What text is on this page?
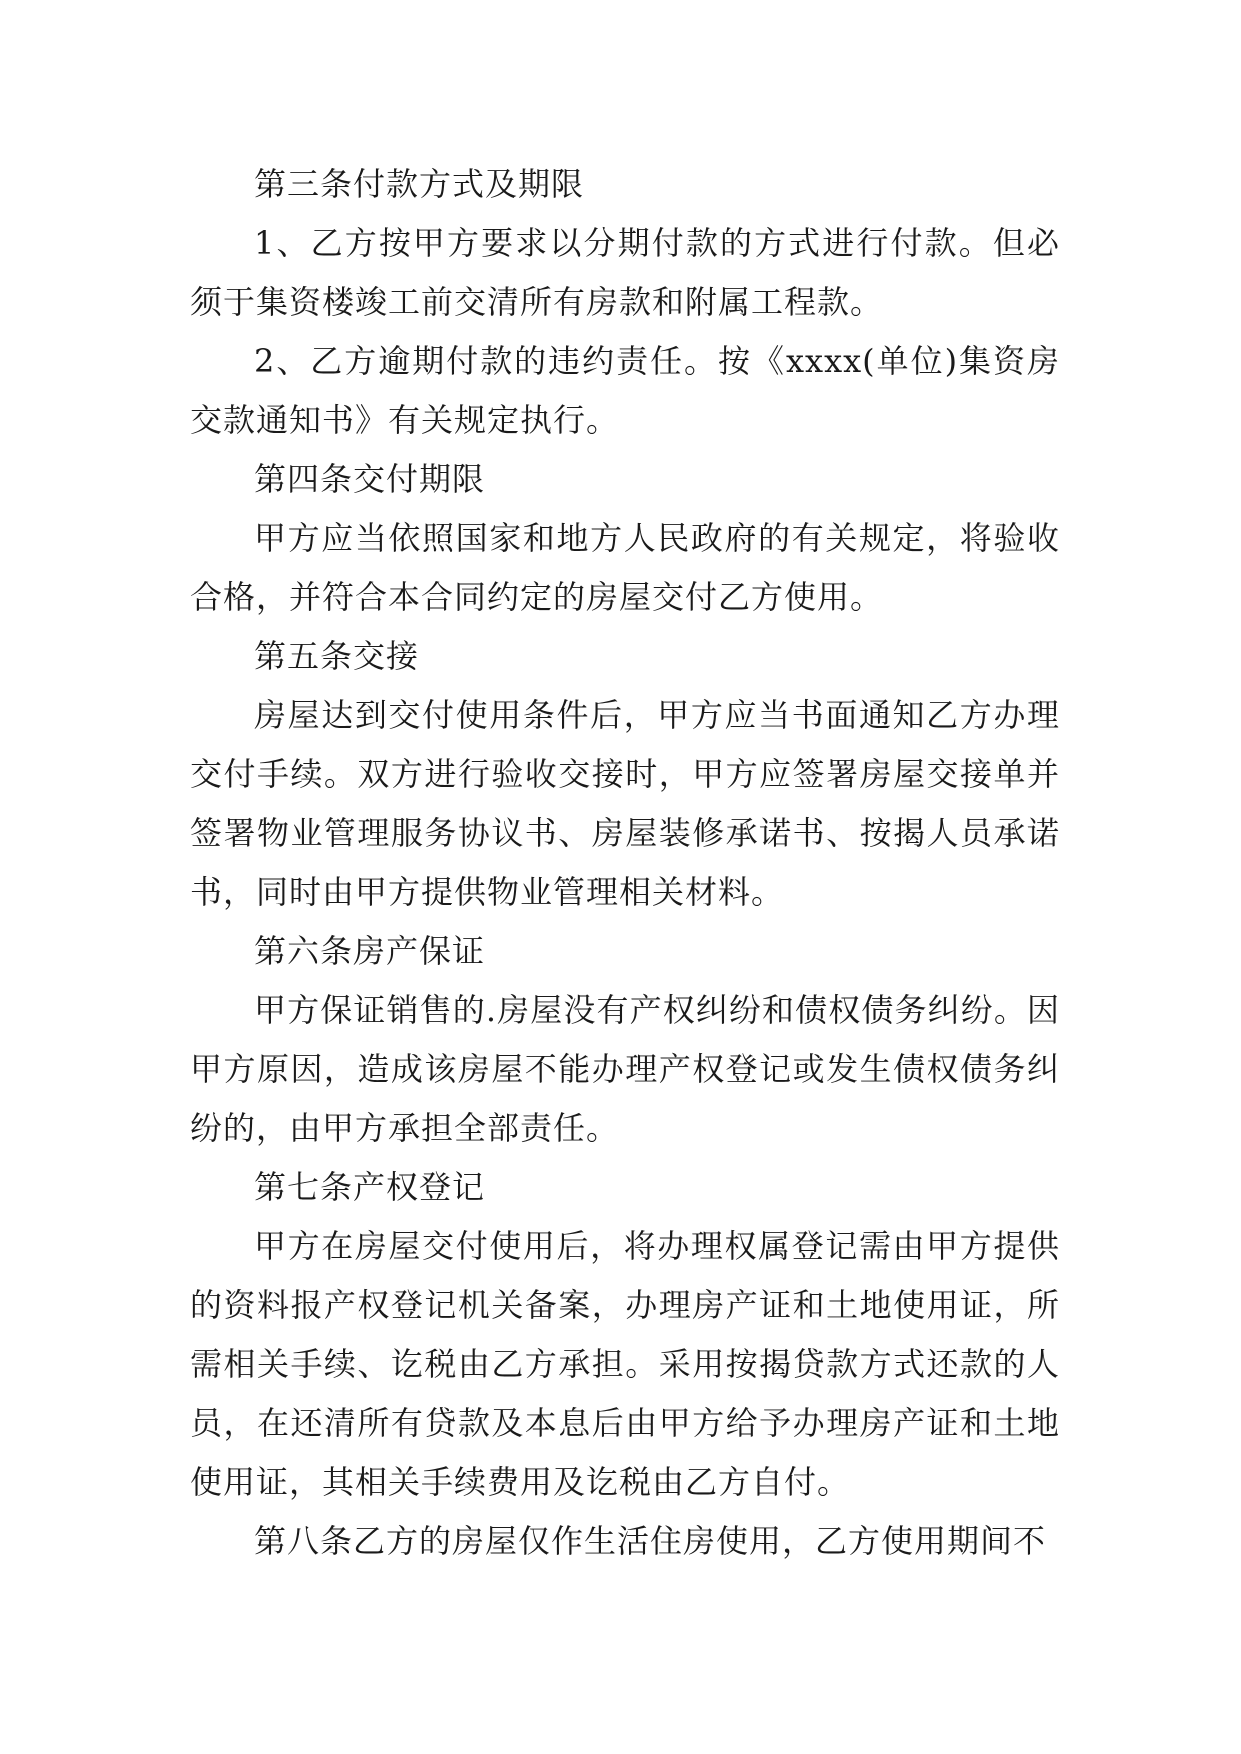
第三条付款方式及期限

1、乙方按甲方要求以分期付款的方式进行付款。但必须于集资楼竣工前交清所有房款和附属工程款。

2、乙方逾期付款的违约责任。按《xxxx(单位)集资房交款通知书》有关规定执行。

第四条交付期限

甲方应当依照国家和地方人民政府的有关规定，将验收合格，并符合本合同约定的房屋交付乙方使用。

第五条交接

房屋达到交付使用条件后，甲方应当书面通知乙方办理交付手续。双方进行验收交接时，甲方应签署房屋交接单并签署物业管理服务协议书、房屋装修承诺书、按揭人员承诺书，同时由甲方提供物业管理相关材料。

第六条房产保证

甲方保证销售的.房屋没有产权纠纷和债权债务纠纷。因甲方原因，造成该房屋不能办理产权登记或发生债权债务纠纷的，由甲方承担全部责任。

第七条产权登记

甲方在房屋交付使用后，将办理权属登记需由甲方提供的资料报产权登记机关备案，办理房产证和土地使用证，所需相关手续、讫税由乙方承担。采用按揭贷款方式还款的人员，在还清所有贷款及本息后由甲方给予办理房产证和土地使用证，其相关手续费用及讫税由乙方自付。

第八条乙方的房屋仅作生活住房使用，乙方使用期间不
